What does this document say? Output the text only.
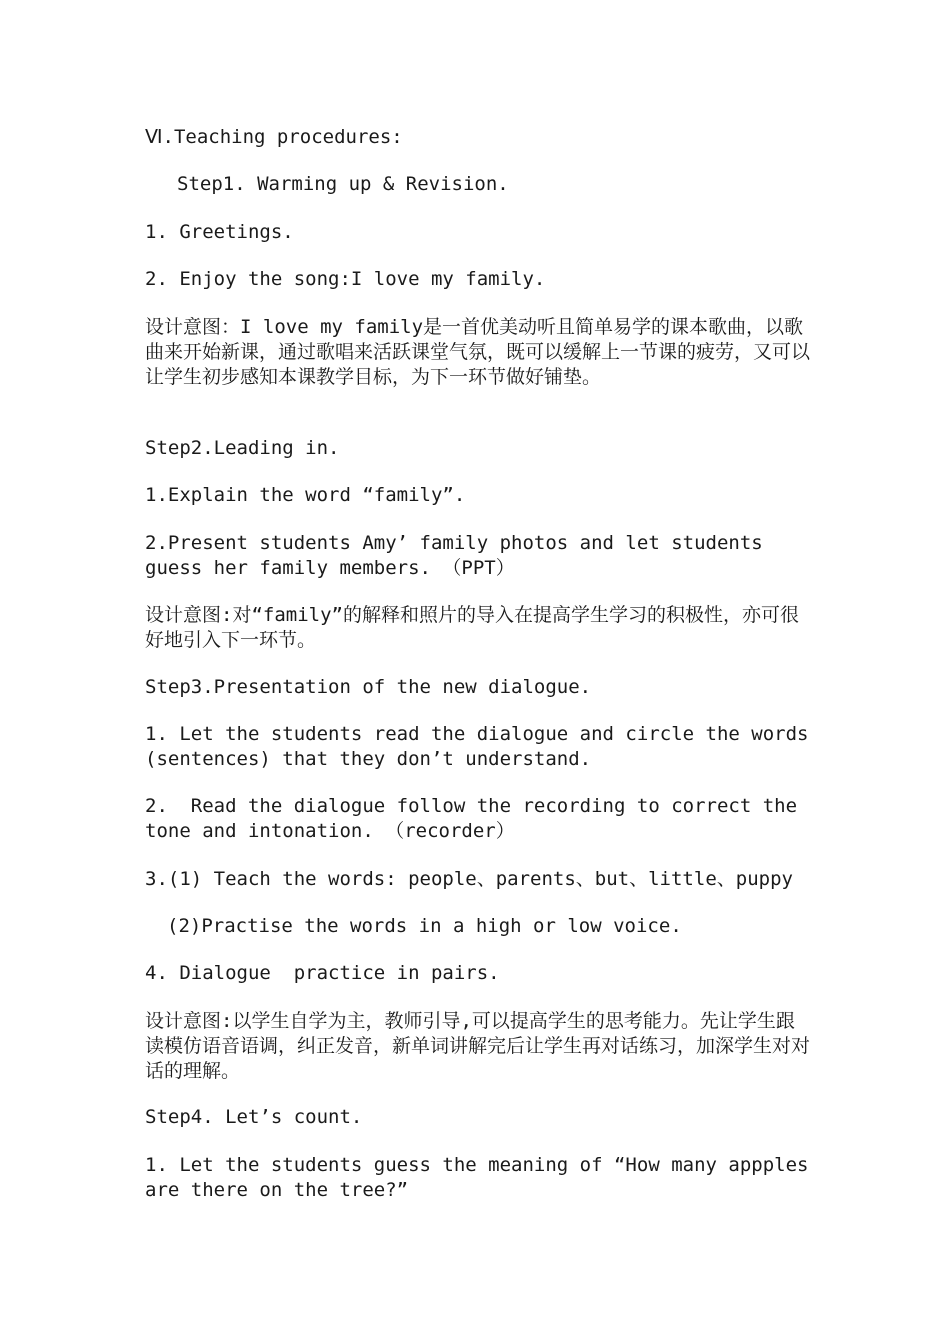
Ⅵ.Teaching procedures:

Step1. Warming up & Revision.

1. Greetings.

2. Enjoy the song:I love my family.

设计意图：I love my family是一首优美动听且简单易学的课本歌曲，以歌曲来开始新课，通过歌唱来活跃课堂气氛，既可以缓解上一节课的疲劳，又可以让学生初步感知本课教学目标，为下一环节做好铺垫。

Step2.Leading in.

1.Explain the word “family”.

2.Present students Amy’ family photos and let students guess her family members. （PPT）

设计意图:对“family”的解释和照片的导入在提高学生学习的积极性，亦可很好地引入下一环节。

Step3.Presentation of the new dialogue.

1. Let the students read the dialogue and circle the words (sentences) that they don’t understand.

2.  Read the dialogue follow the recording to correct the tone and intonation. （recorder）

3.(1) Teach the words: people、parents、but、little、puppy

(2)Practise the words in a high or low voice.

4. Dialogue  practice in pairs.

设计意图:以学生自学为主，教师引导,可以提高学生的思考能力。先让学生跟读模仿语音语调，纠正发音，新单词讲解完后让学生再对话练习，加深学生对对话的理解。

Step4. Let’s count.

1. Let the students guess the meaning of “How many appples are there on the tree?”
